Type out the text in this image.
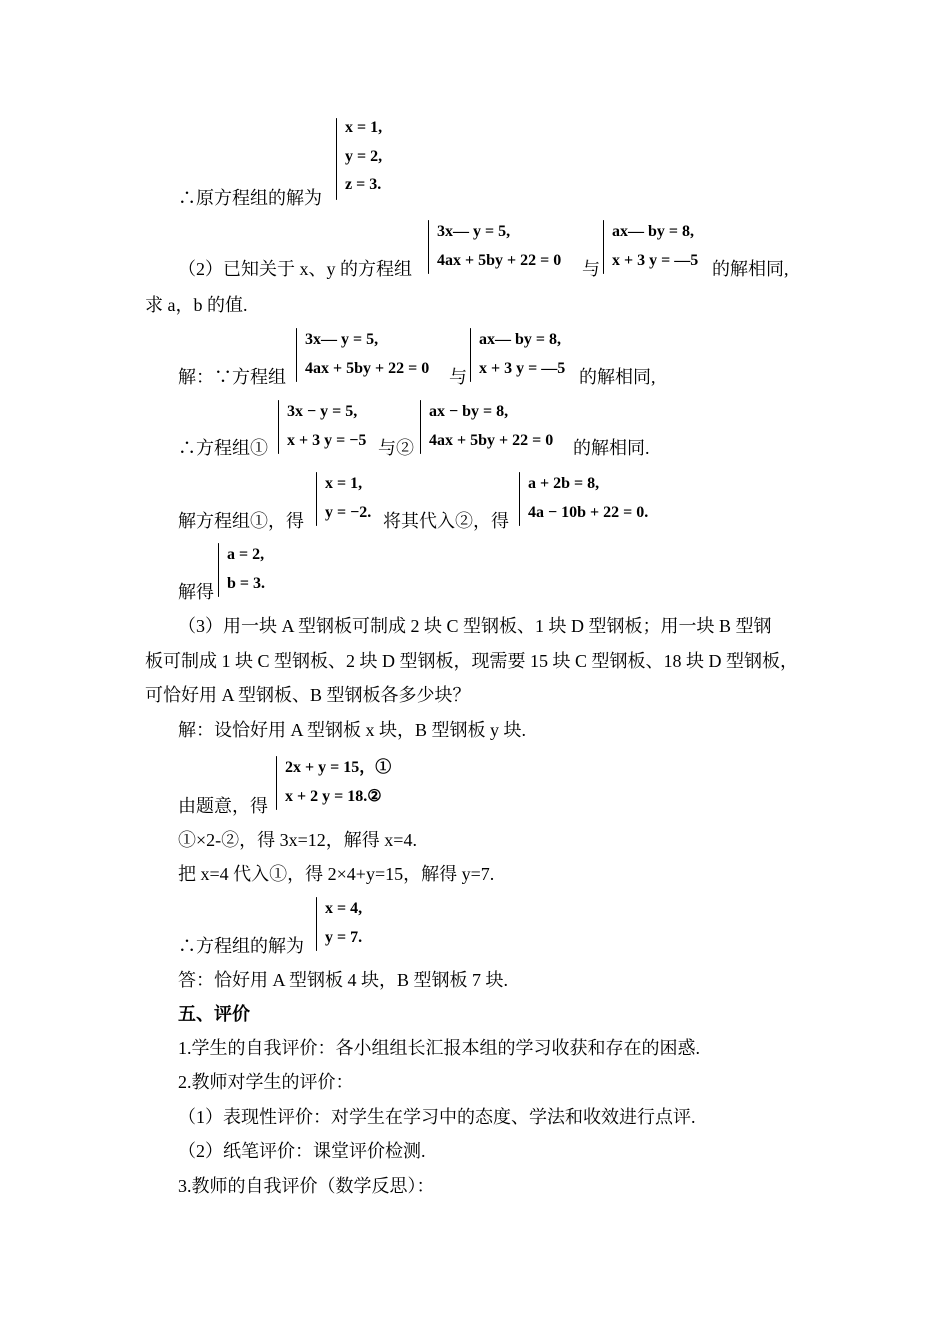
x = 1,
y = 2,
z = 3.
∴原方程组的解为
（2）已知关于 x、y 的方程组
3x— y = 5,
4ax + 5by + 22 = 0 与
ax— by = 8,
x + 3 y = —5 的解相同,
求 a，b 的值.
解：∵方程组
3x— y = 5,
4ax + 5by + 22 = 0 与
ax— by = 8,
x + 3 y = —5 的解相同,
∴方程组①
3x − y = 5,
x + 3 y = −5 与②
ax − by = 8,
4ax + 5by + 22 = 0 的解相同.
解方程组①，得
x = 1,
y = −2. 将其代入②，得
a + 2b = 8,
4a − 10b + 22 = 0.
解得
a = 2,
b = 3.
（3）用一块 A 型钢板可制成 2 块 C 型钢板、1 块 D 型钢板；用一块 B 型钢
板可制成 1 块 C 型钢板、2 块 D 型钢板，现需要 15 块 C 型钢板、18 块 D 型钢板，
可恰好用 A 型钢板、B 型钢板各多少块？
解：设恰好用 A 型钢板 x 块，B 型钢板 y 块.
由题意，得
2x + y = 15，①
x + 2 y = 18.②
①×2-②，得 3x=12，解得 x=4.
把 x=4 代入①，得 2×4+y=15，解得 y=7.
∴方程组的解为
x = 4,
y = 7.
答：恰好用 A 型钢板 4 块，B 型钢板 7 块.
五、评价
1.学生的自我评价：各小组组长汇报本组的学习收获和存在的困惑.
2.教师对学生的评价：
（1）表现性评价：对学生在学习中的态度、学法和收效进行点评.
（2）纸笔评价：课堂评价检测.
3.教师的自我评价（数学反思）：
